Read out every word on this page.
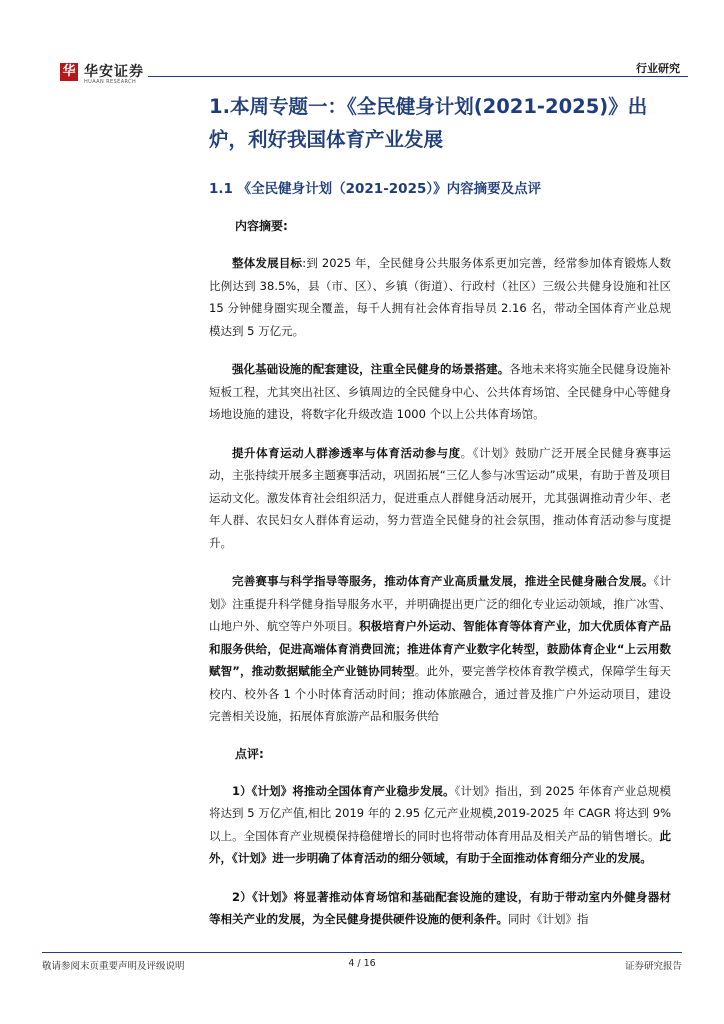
华 华安证券
HUAAN RESEARCH
行业研究
1.本周专题一：《全民健身计划(2021-2025)》出炉，利好我国体育产业发展
1.1 《全民健身计划（2021-2025）》内容摘要及点评
内容摘要:
整体发展目标:到 2025 年，全民健身公共服务体系更加完善，经常参加体育锻炼人数比例达到 38.5%，县（市、区）、乡镇（街道）、行政村（社区）三级公共健身设施和社区 15 分钟健身圈实现全覆盖，每千人拥有社会体育指导员 2.16 名，带动全国体育产业总规模达到 5 万亿元。
强化基础设施的配套建设，注重全民健身的场景搭建。各地未来将实施全民健身设施补短板工程，尤其突出社区、乡镇周边的全民健身中心、公共体育场馆、全民健身中心等健身场地设施的建设，将数字化升级改造 1000 个以上公共体育场馆。
提升体育运动人群渗透率与体育活动参与度。《计划》鼓励广泛开展全民健身赛事运动，主张持续开展多主题赛事活动，巩固拓展“三亿人参与冰雪运动”成果，有助于普及项目运动文化。激发体育社会组织活力，促进重点人群健身活动展开，尤其强调推动青少年、老年人群、农民妇女人群体育运动，努力营造全民健身的社会氛围，推动体育活动参与度提升。
完善赛事与科学指导等服务，推动体育产业高质量发展，推进全民健身融合发展。《计划》注重提升科学健身指导服务水平，并明确提出更广泛的细化专业运动领域，推广冰雪、山地户外、航空等户外项目。积极培育户外运动、智能体育等体育产业，加大优质体育产品和服务供给，促进高端体育消费回流；推进体育产业数字化转型，鼓励体育企业“上云用数赋智”，推动数据赋能全产业链协同转型。此外，要完善学校体育教学模式，保障学生每天校内、校外各 1 个小时体育活动时间；推动体旅融合，通过普及推广户外运动项目，建设完善相关设施，拓展体育旅游产品和服务供给
点评:
1）《计划》将推动全国体育产业稳步发展。《计划》指出，到 2025 年体育产业总规模将达到 5 万亿产值,相比 2019 年的 2.95 亿元产业规模,2019-2025 年 CAGR 将达到 9%以上。全国体育产业规模保持稳健增长的同时也将带动体育用品及相关产品的销售增长。此外，《计划》进一步明确了体育活动的细分领域，有助于全面推动体育细分产业的发展。
2）《计划》将显著推动体育场馆和基础配套设施的建设，有助于带动室内外健身器材等相关产业的发展，为全民健身提供硬件设施的便利条件。同时《计划》指
敬请参阅末页重要声明及评级说明	4 / 16	证券研究报告
